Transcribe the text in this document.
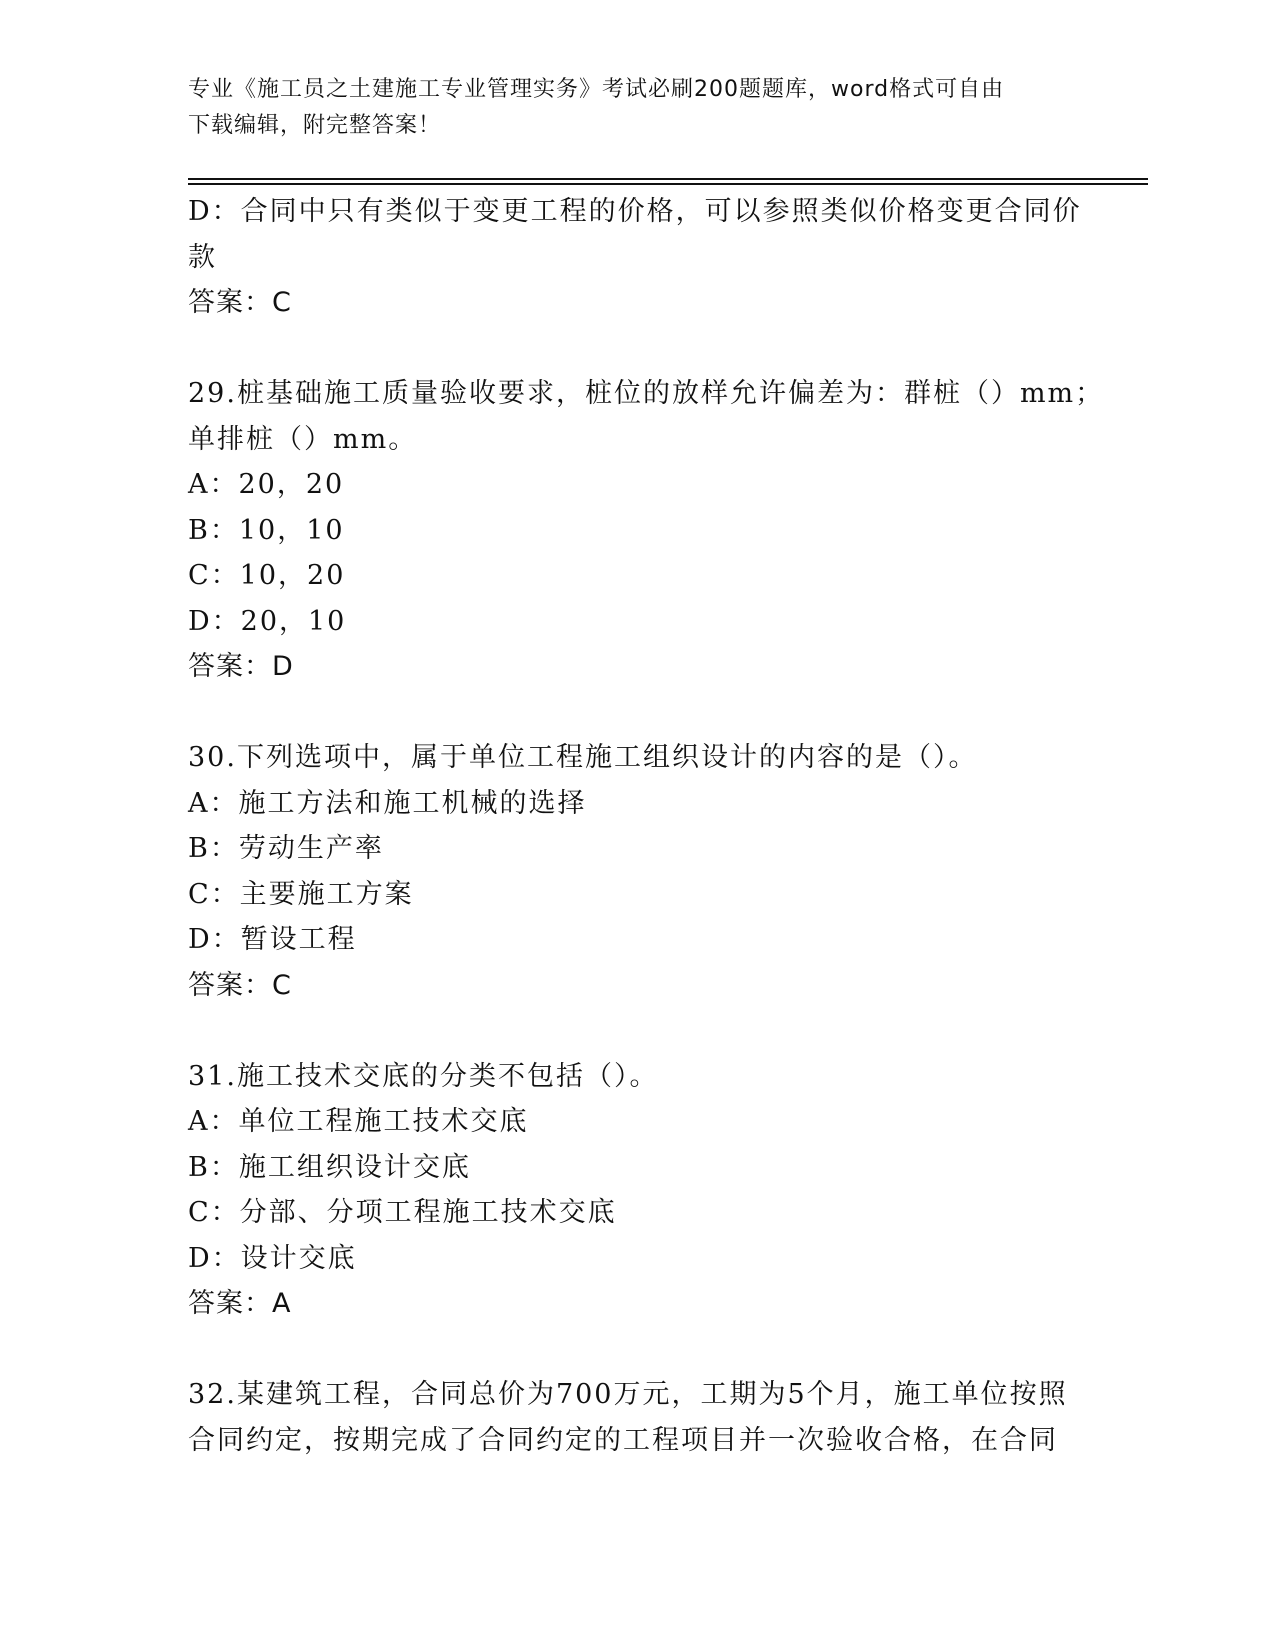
专业《施工员之土建施工专业管理实务》考试必刷200题题库，word格式可自由
下载编辑，附完整答案！
D：合同中只有类似于变更工程的价格，可以参照类似价格变更合同价
款
答案：C
29.桩基础施工质量验收要求，桩位的放样允许偏差为：群桩（）mm；
单排桩（）mm。
A：20，20
B：10，10
C：10，20
D：20，10
答案：D
30.下列选项中，属于单位工程施工组织设计的内容的是（）。
A：施工方法和施工机械的选择
B：劳动生产率
C：主要施工方案
D：暂设工程
答案：C
31.施工技术交底的分类不包括（）。
A：单位工程施工技术交底
B：施工组织设计交底
C：分部、分项工程施工技术交底
D：设计交底
答案：A
32.某建筑工程，合同总价为700万元，工期为5个月，施工单位按照
合同约定，按期完成了合同约定的工程项目并一次验收合格，在合同
